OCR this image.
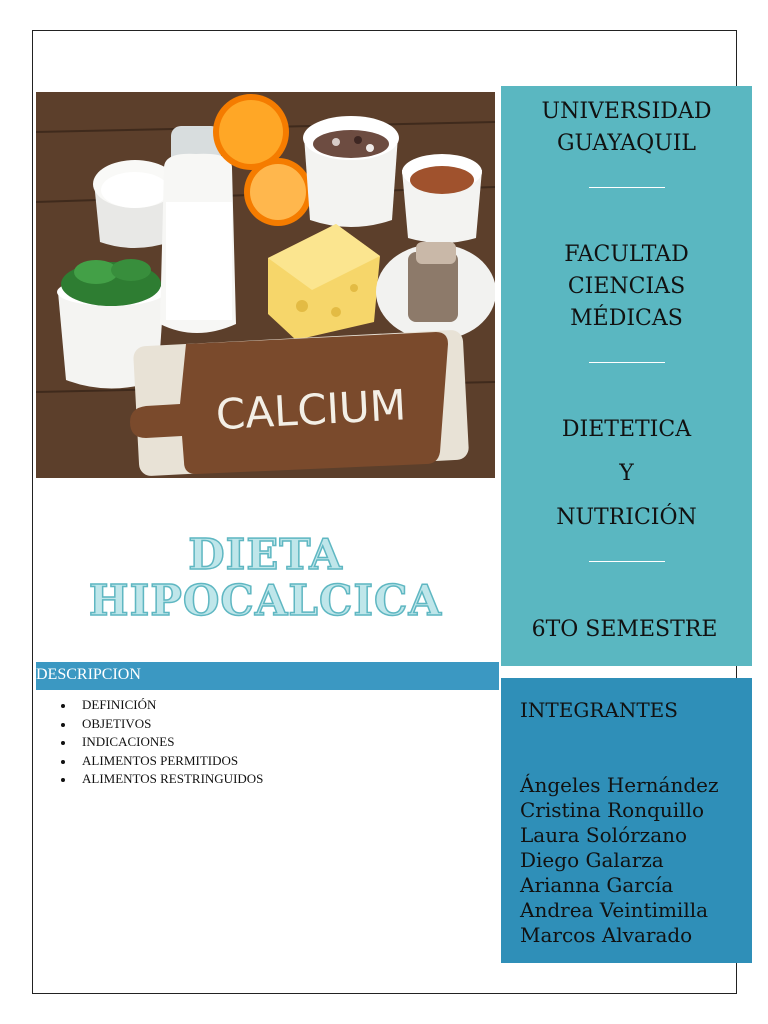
CALCIUM
DIETA
HIPOCALCICA
DESCRIPCION
DEFINICIÓN
OBJETIVOS
INDICACIONES
ALIMENTOS PERMITIDOS
ALIMENTOS RESTRINGUIDOS
UNIVERSIDAD
GUAYAQUIL
FACULTAD
CIENCIAS
MÉDICAS
DIETETICA
Y
NUTRICIÓN
6TO SEMESTRE
INTEGRANTES
Ángeles Hernández
Cristina Ronquillo
Laura Solórzano
Diego Galarza
Arianna García
Andrea Veintimilla
Marcos Alvarado
